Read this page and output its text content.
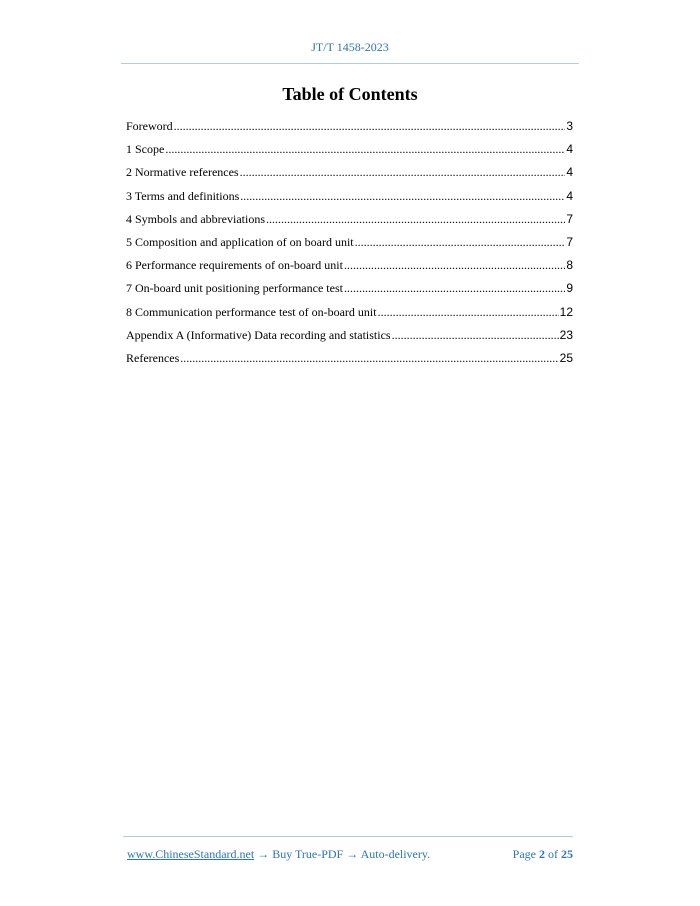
JT/T 1458-2023
Table of Contents
Foreword .....	3
1 Scope .....	4
2 Normative references .....	4
3 Terms and definitions .....	4
4 Symbols and abbreviations .....	7
5 Composition and application of on board unit .....	7
6 Performance requirements of on-board unit .....	8
7 On-board unit positioning performance test .....	9
8 Communication performance test of on-board unit .....	12
Appendix A (Informative) Data recording and statistics .....	23
References .....	25
www.ChineseStandard.net → Buy True-PDF → Auto-delivery.	Page 2 of 25
